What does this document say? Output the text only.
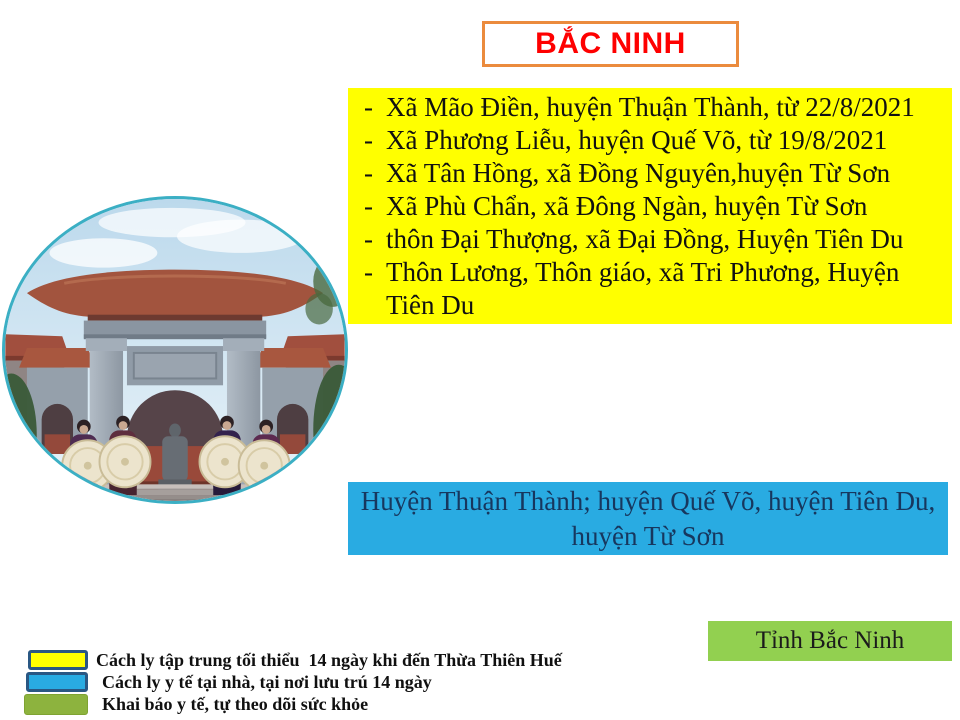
BẮC NINH
- Xã Mão Điền, huyện Thuận Thành, từ 22/8/2021
- Xã Phương Liễu, huyện Quế Võ, từ 19/8/2021
- Xã Tân Hồng, xã Đồng Nguyên,huyện Từ Sơn
- Xã Phù Chẩn, xã Đông Ngàn, huyện Từ Sơn
- thôn Đại Thượng, xã Đại Đồng, Huyện Tiên Du
- Thôn Lương, Thôn giáo, xã Tri Phương, Huyện Tiên Du
Huyện Thuận Thành; huyện Quế Võ, huyện Tiên Du, huyện Từ Sơn
Tỉnh Bắc Ninh
Cách ly tập trung tối thiểu  14 ngày khi đến Thừa Thiên Huế
Cách ly y tế tại nhà, tại nơi lưu trú 14 ngày
Khai báo y tế, tự theo dõi sức khỏe
